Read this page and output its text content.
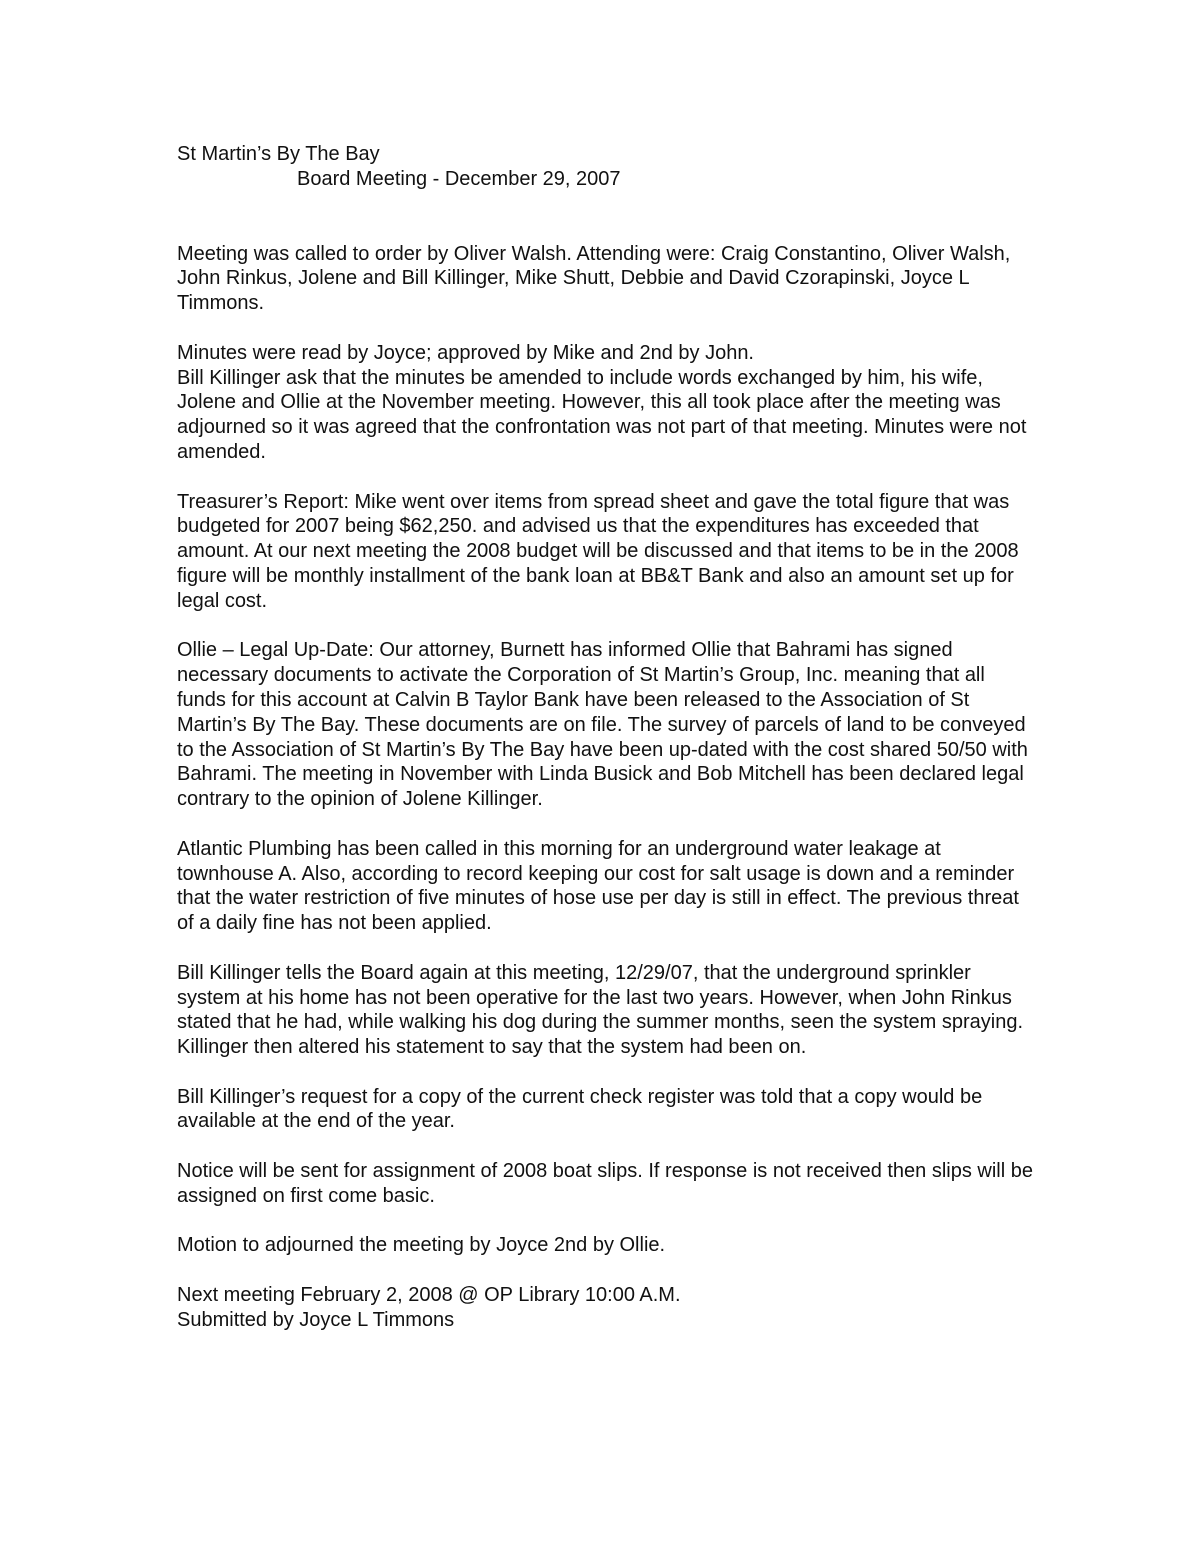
St Martin’s By The Bay

Board Meeting - December 29, 2007

Meeting was called to order by Oliver Walsh. Attending were: Craig Constantino, Oliver Walsh, John Rinkus, Jolene and Bill Killinger, Mike Shutt, Debbie and David Czorapinski, Joyce L Timmons.

Minutes were read by Joyce; approved by Mike and 2nd by John.

Bill Killinger ask that the minutes be amended to include words exchanged by him, his wife, Jolene and Ollie at the November meeting. However, this all took place after the meeting was adjourned so it was agreed that the confrontation was not part of that meeting. Minutes were not amended.

Treasurer’s Report: Mike went over items from spread sheet and gave the total figure that was budgeted for 2007 being $62,250. and advised us that the expenditures has exceeded that amount. At our next meeting the 2008 budget will be discussed and that items to be in the 2008 figure will be monthly installment of the bank loan at BB&T Bank and also an amount set up for legal cost.

Ollie – Legal Up-Date: Our attorney, Burnett has informed Ollie that Bahrami has signed necessary documents to activate the Corporation of St Martin’s Group, Inc. meaning that all funds for this account at Calvin B Taylor Bank have been released to the Association of St Martin’s By The Bay. These documents are on file. The survey of parcels of land to be conveyed to the Association of St Martin’s By The Bay have been up-dated with the cost shared 50/50 with Bahrami. The meeting in November with Linda Busick and Bob Mitchell has been declared legal contrary to the opinion of Jolene Killinger.

Atlantic Plumbing has been called in this morning for an underground water leakage at townhouse A. Also, according to record keeping our cost for salt usage is down and a reminder that the water restriction of five minutes of hose use per day is still in effect. The previous threat of a daily fine has not been applied.

Bill Killinger tells the Board again at this meeting, 12/29/07, that the underground sprinkler system at his home has not been operative for the last two years. However, when John Rinkus stated that he had, while walking his dog during the summer months, seen the system spraying. Killinger then altered his statement to say that the system had been on.

Bill Killinger’s request for a copy of the current check register was told that a copy would be available at the end of the year.

Notice will be sent for assignment of 2008 boat slips. If response is not received then slips will be assigned on first come basic.

Motion to adjourned the meeting by Joyce 2nd by Ollie.

Next meeting February 2, 2008 @ OP Library 10:00 A.M.

Submitted by Joyce L Timmons
